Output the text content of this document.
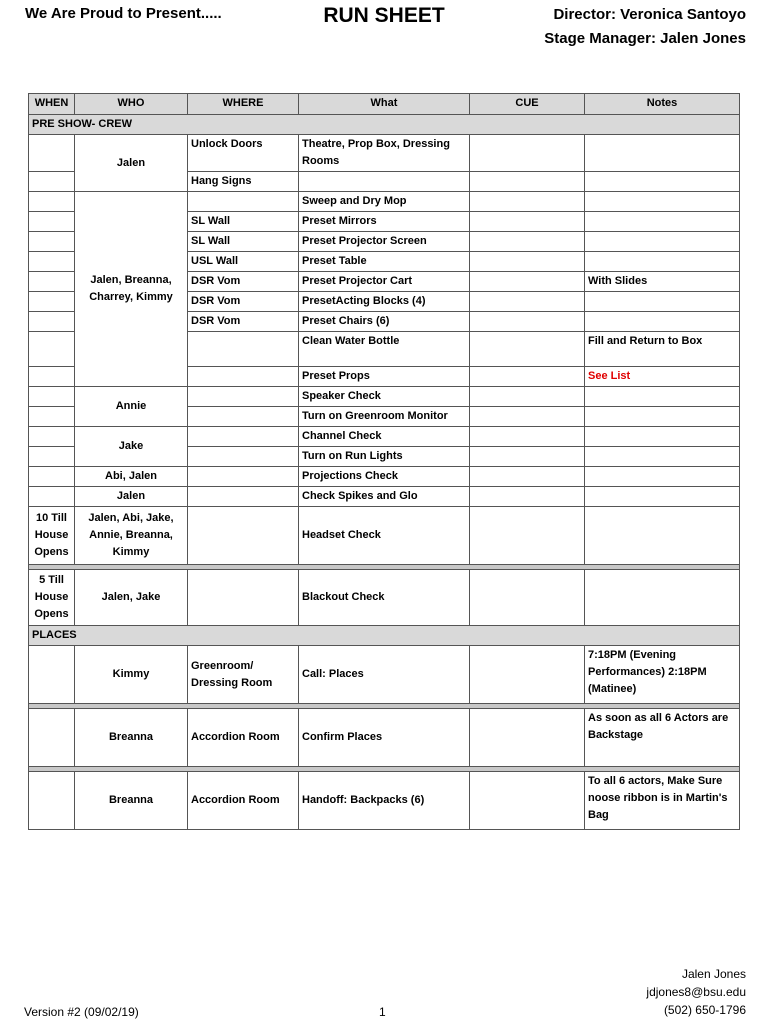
We Are Proud to Present.....	RUN SHEET	Director: Veronica Santoyo
Stage Manager: Jalen Jones
WHEN	WHO	WHERE	What	CUE	Notes
PRE SHOW- CREW					
	Jalen	Unlock Doors	Theatre, Prop Box, Dressing Rooms		
		Hang Signs			
	Jalen, Breanna, Charrey, Kimmy		Sweep and Dry Mop		
		SL Wall	Preset Mirrors		
		SL Wall	Preset Projector Screen		
		USL Wall	Preset Table		
		DSR Vom	Preset Projector Cart		With Slides
		DSR Vom	PresetActing Blocks (4)		
		DSR Vom	Preset Chairs (6)		
			Clean Water Bottle		Fill and Return to Box
			Preset Props		See List
	Annie		Speaker Check		
			Turn on Greenroom Monitor		
	Jake		Channel Check		
			Turn on Run Lights		
	Abi, Jalen		Projections Check		
	Jalen		Check Spikes and Glo		
10 Till House Opens	Jalen, Abi, Jake, Annie, Breanna, Kimmy		Headset Check		

5 Till House Opens	Jalen, Jake		Blackout Check		
PLACES					
	Kimmy	Greenroom/ Dressing Room	Call: Places		7:18PM (Evening Performances) 2:18PM (Matinee)

	Breanna	Accordion Room	Confirm Places		As soon as all 6 Actors are Backstage

	Breanna	Accordion Room	Handoff: Backpacks (6)		To all 6 actors, Make Sure noose ribbon is in Martin's Bag
Jalen Jones
jdjones8@bsu.edu
(502) 650-1796
Version #2 (09/02/19)	1
